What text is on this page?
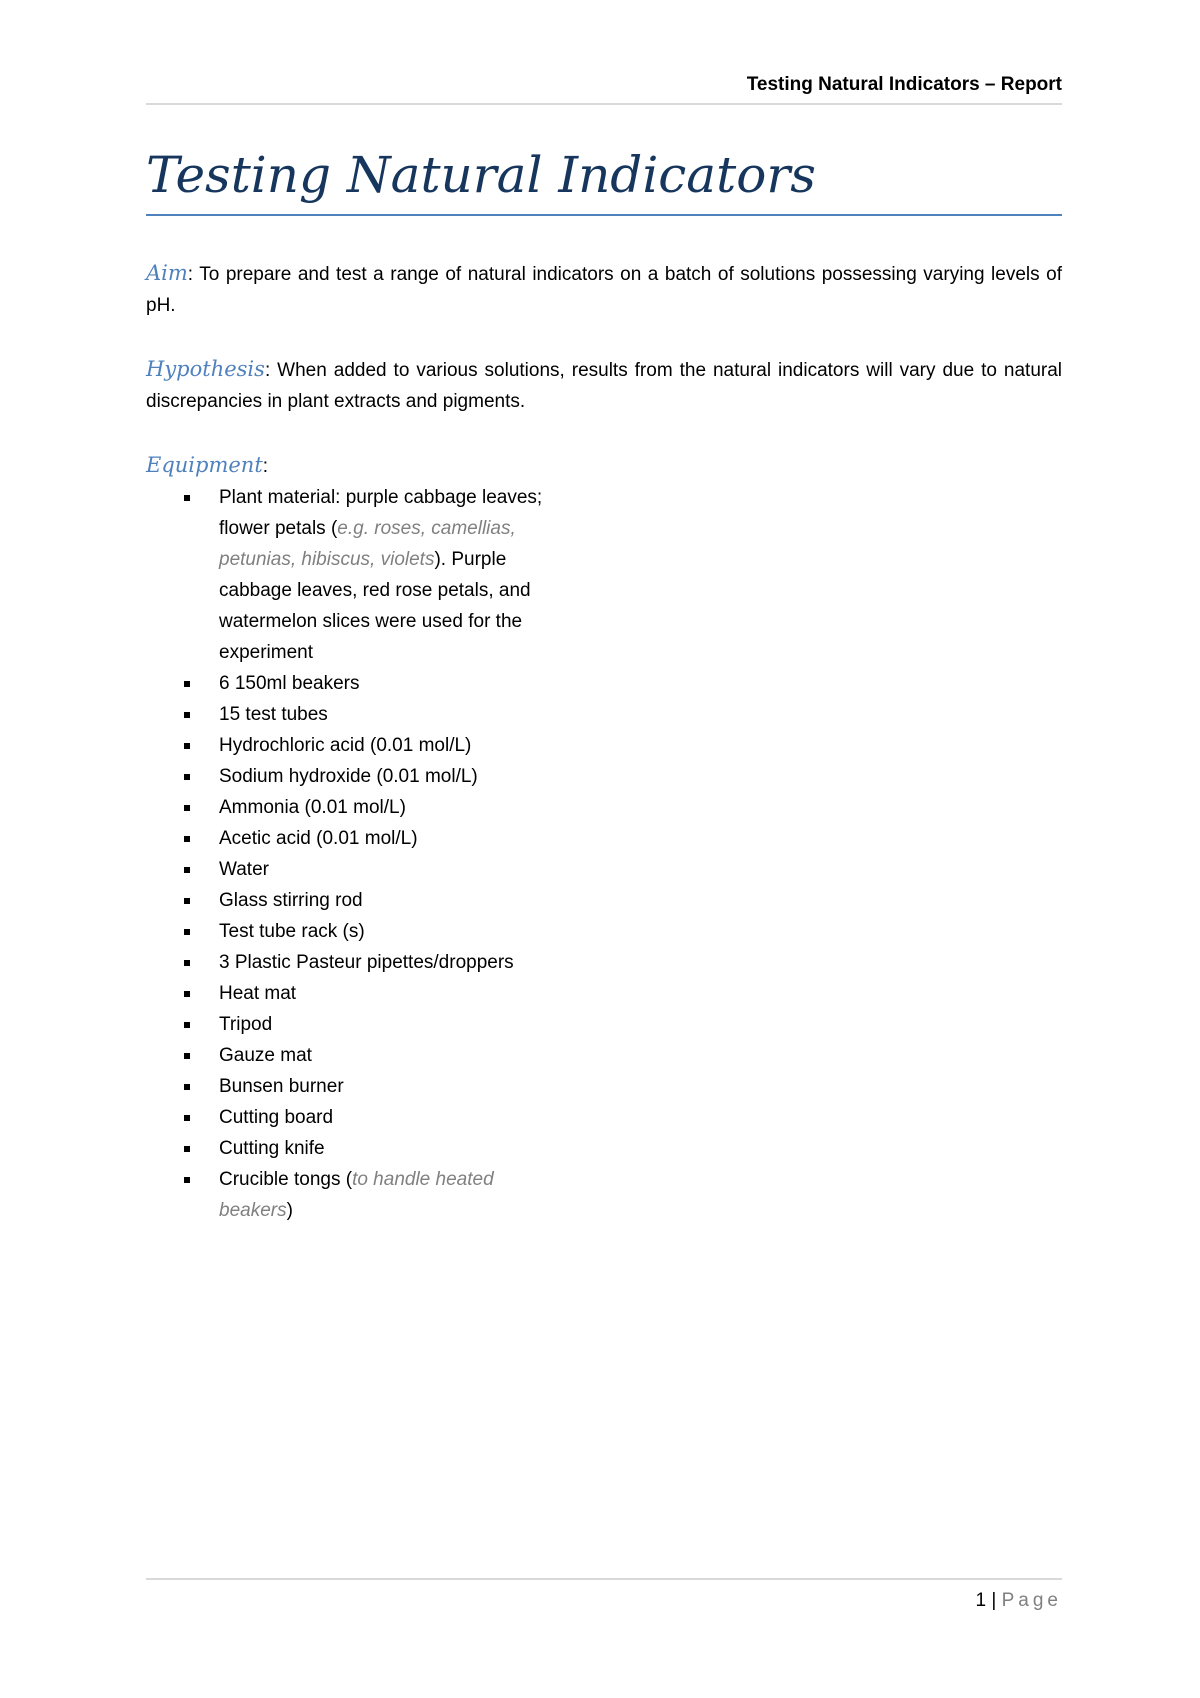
Testing Natural Indicators – Report
Testing Natural Indicators

Aim: To prepare and test a range of natural indicators on a batch of solutions possessing varying levels of pH.

Hypothesis: When added to various solutions, results from the natural indicators will vary due to natural discrepancies in plant extracts and pigments.

Equipment:

Plant material: purple cabbage leaves; flower petals (e.g. roses, camellias, petunias, hibiscus, violets). Purple cabbage leaves, red rose petals, and watermelon slices were used for the experiment
6 150ml beakers
15 test tubes
Hydrochloric acid (0.01 mol/L)
Sodium hydroxide (0.01 mol/L)
Ammonia (0.01 mol/L)
Acetic acid (0.01 mol/L)
Water
Glass stirring rod
Test tube rack (s)
3 Plastic Pasteur pipettes/droppers
Heat mat
Tripod
Gauze mat
Bunsen burner
Cutting board
Cutting knife
Crucible tongs (to handle heated beakers)
1 | Page
